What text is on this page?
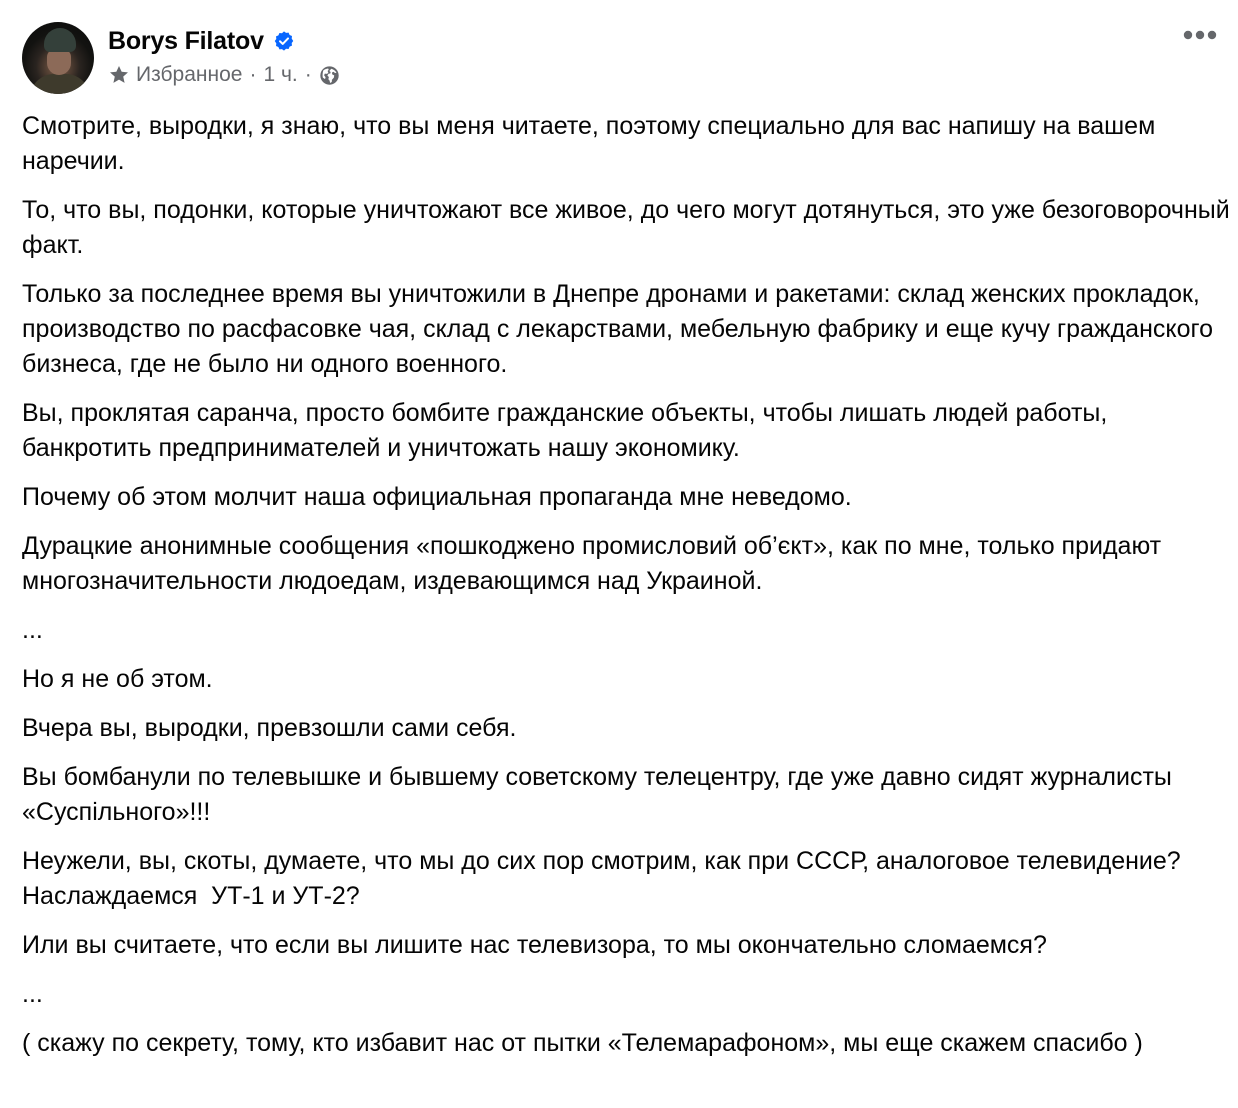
Borys Filatov
Избранное · 1 ч. ·

Смотрите, выродки, я знаю, что вы меня читаете, поэтому специально для вас напишу на вашем наречии.

То, что вы, подонки, которые уничтожают все живое, до чего могут дотянуться, это уже безоговорочный факт.

Только за последнее время вы уничтожили в Днепре дронами и ракетами: склад женских прокладок, производство по расфасовке чая, склад с лекарствами, мебельную фабрику и еще кучу гражданского бизнеса, где не было ни одного военного.

Вы, проклятая саранча, просто бомбите гражданские объекты, чтобы лишать людей работы, банкротить предпринимателей и уничтожать нашу экономику.

Почему об этом молчит наша официальная пропаганда мне неведомо.

Дурацкие анонимные сообщения «пошкоджено промисловий об’єкт», как по мне, только придают многозначительности людоедам, издевающимся над Украиной.

...

Но я не об этом.

Вчера вы, выродки, превзошли сами себя.

Вы бомбанули по телевышке и бывшему советскому телецентру, где уже давно сидят журналисты «Суспільного»!!!

Неужели, вы, скоты, думаете, что мы до сих пор смотрим, как при СССР, аналоговое телевидение? Наслаждаемся  УТ-1 и УТ-2?

Или вы считаете, что если вы лишите нас телевизора, то мы окончательно сломаемся?

...

( скажу по секрету, тому, кто избавит нас от пытки «Телемарафоном», мы еще скажем спасибо )
